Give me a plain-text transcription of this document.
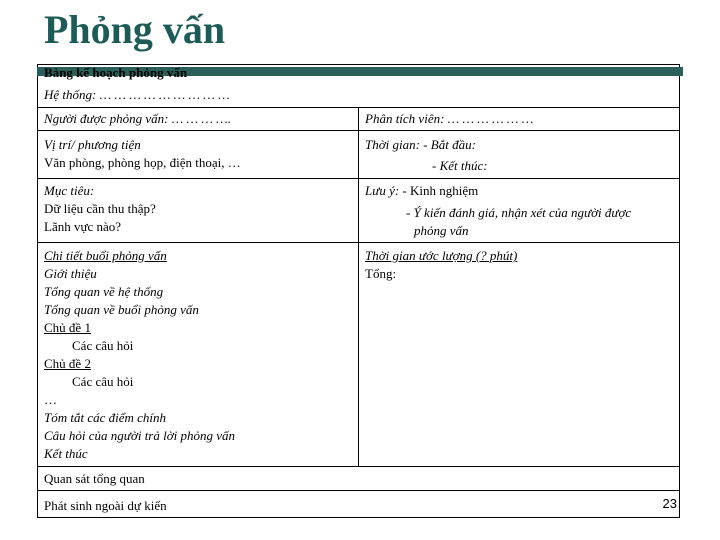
Phỏng vấn
Bảng kế hoạch phỏng vấn
Hệ thống: … … … … … … … … …
Người được phỏng vấn: … … … ….	Phân tích viên: … … … … … …
Vị trí/ phương tiện
Văn phòng, phòng họp, điện thoại, …
Thời gian: - Bắt đầu:
- Kết thúc:
Mục tiêu:
Dữ liệu cần thu thập?
Lãnh vực nào?
Lưu ý: - Kinh nghiệm
- Ý kiến đánh giá, nhận xét của người được
phỏng vấn
Chi tiết buổi phỏng vấn
Giới thiệu
Tổng quan về hệ thống
Tổng quan về buổi phỏng vấn
Chủ đề 1
Các câu hỏi
Chủ đề 2
Các câu hỏi
…
Tóm tắt các điểm chính
Câu hỏi của người trả lời phỏng vấn
Kết thúc
Thời gian ước lượng (? phút)
Tổng:
Quan sát tổng quan
Phát sinh ngoài dự kiến	23
